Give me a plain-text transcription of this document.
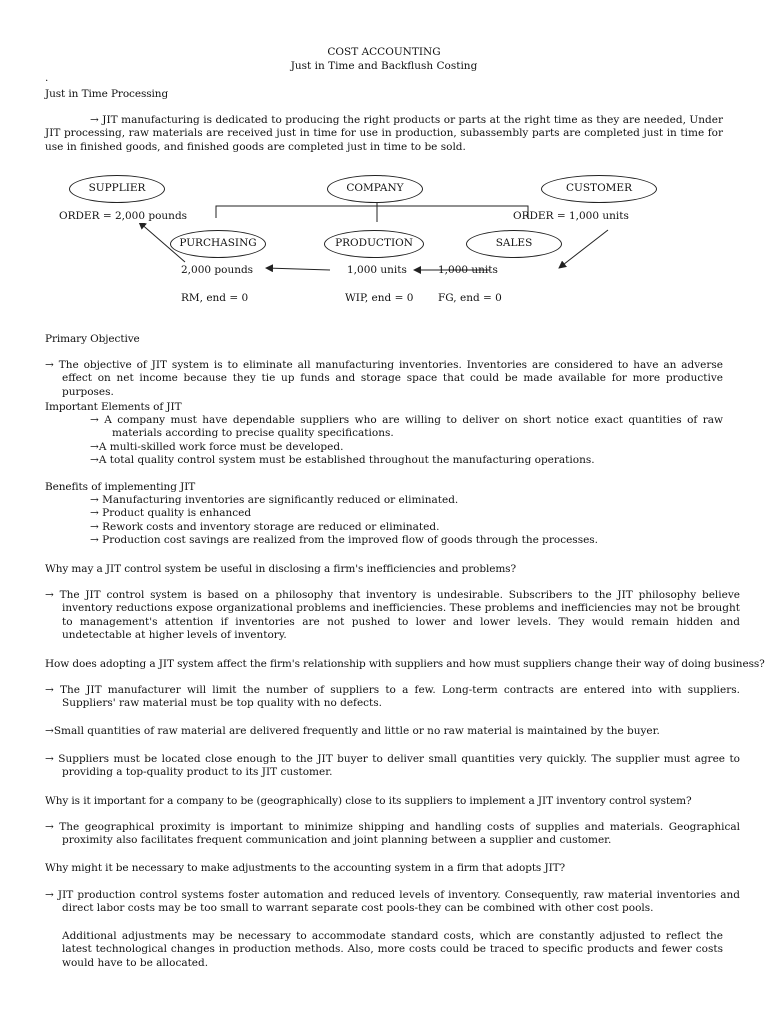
COST ACCOUNTING
Just in Time and Backflush Costing
.
Just in Time Processing
→ JIT manufacturing is dedicated to producing the right products or parts at the right time as they are needed, Under JIT processing, raw materials are received just in time for use in production, subassembly parts are completed just in time for use in finished goods, and finished goods are completed just in time to be sold.
SUPPLIER	COMPANY	CUSTOMER
ORDER = 2,000 pounds	ORDER = 1,000 units
PURCHASING	PRODUCTION	SALES
2,000 pounds	1,000 units	1,000 units
RM, end = 0	WIP, end = 0 FG, end = 0
Primary Objective
→ The objective of JIT system is to eliminate all manufacturing inventories. Inventories are considered to have an adverse effect on net income because they tie up funds and storage space that could be made available for more productive purposes.
Important Elements of JIT
→ A company must have dependable suppliers who are willing to deliver on short notice exact quantities of raw materials according to precise quality specifications.
→A multi-skilled work force must be developed.
→A total quality control system must be established throughout the manufacturing operations.
Benefits of implementing JIT
→ Manufacturing inventories are significantly reduced or eliminated.
→ Product quality is enhanced
→ Rework costs and inventory storage are reduced or eliminated.
→ Production cost savings are realized from the improved flow of goods through the processes.
Why may a JIT control system be useful in disclosing a firm's inefficiencies and problems?
→ The JIT control system is based on a philosophy that inventory is undesirable. Subscribers to the JIT philosophy believe inventory reductions expose organizational problems and inefficiencies. These problems and inefficiencies may not be brought to management's attention if inventories are not pushed to lower and lower levels. They would remain hidden and undetectable at higher levels of inventory.
How does adopting a JIT system affect the firm's relationship with suppliers and how must suppliers change their way of doing business?
→ The JIT manufacturer will limit the number of suppliers to a few. Long-term contracts are entered into with suppliers. Suppliers' raw material must be top quality with no defects.
→Small quantities of raw material are delivered frequently and little or no raw material is maintained by the buyer.
→ Suppliers must be located close enough to the JIT buyer to deliver small quantities very quickly. The supplier must agree to providing a top-quality product to its JIT customer.
Why is it important for a company to be (geographically) close to its suppliers to implement a JIT inventory control system?
→ The geographical proximity is important to minimize shipping and handling costs of supplies and materials. Geographical proximity also facilitates frequent communication and joint planning between a supplier and customer.
Why might it be necessary to make adjustments to the accounting system in a firm that adopts JIT?
→ JIT production control systems foster automation and reduced levels of inventory. Consequently, raw material inventories and direct labor costs may be too small to warrant separate cost pools-they can be combined with other cost pools.
Additional adjustments may be necessary to accommodate standard costs, which are constantly adjusted to reflect the latest technological changes in production methods. Also, more costs could be traced to specific products and fewer costs would have to be allocated.
